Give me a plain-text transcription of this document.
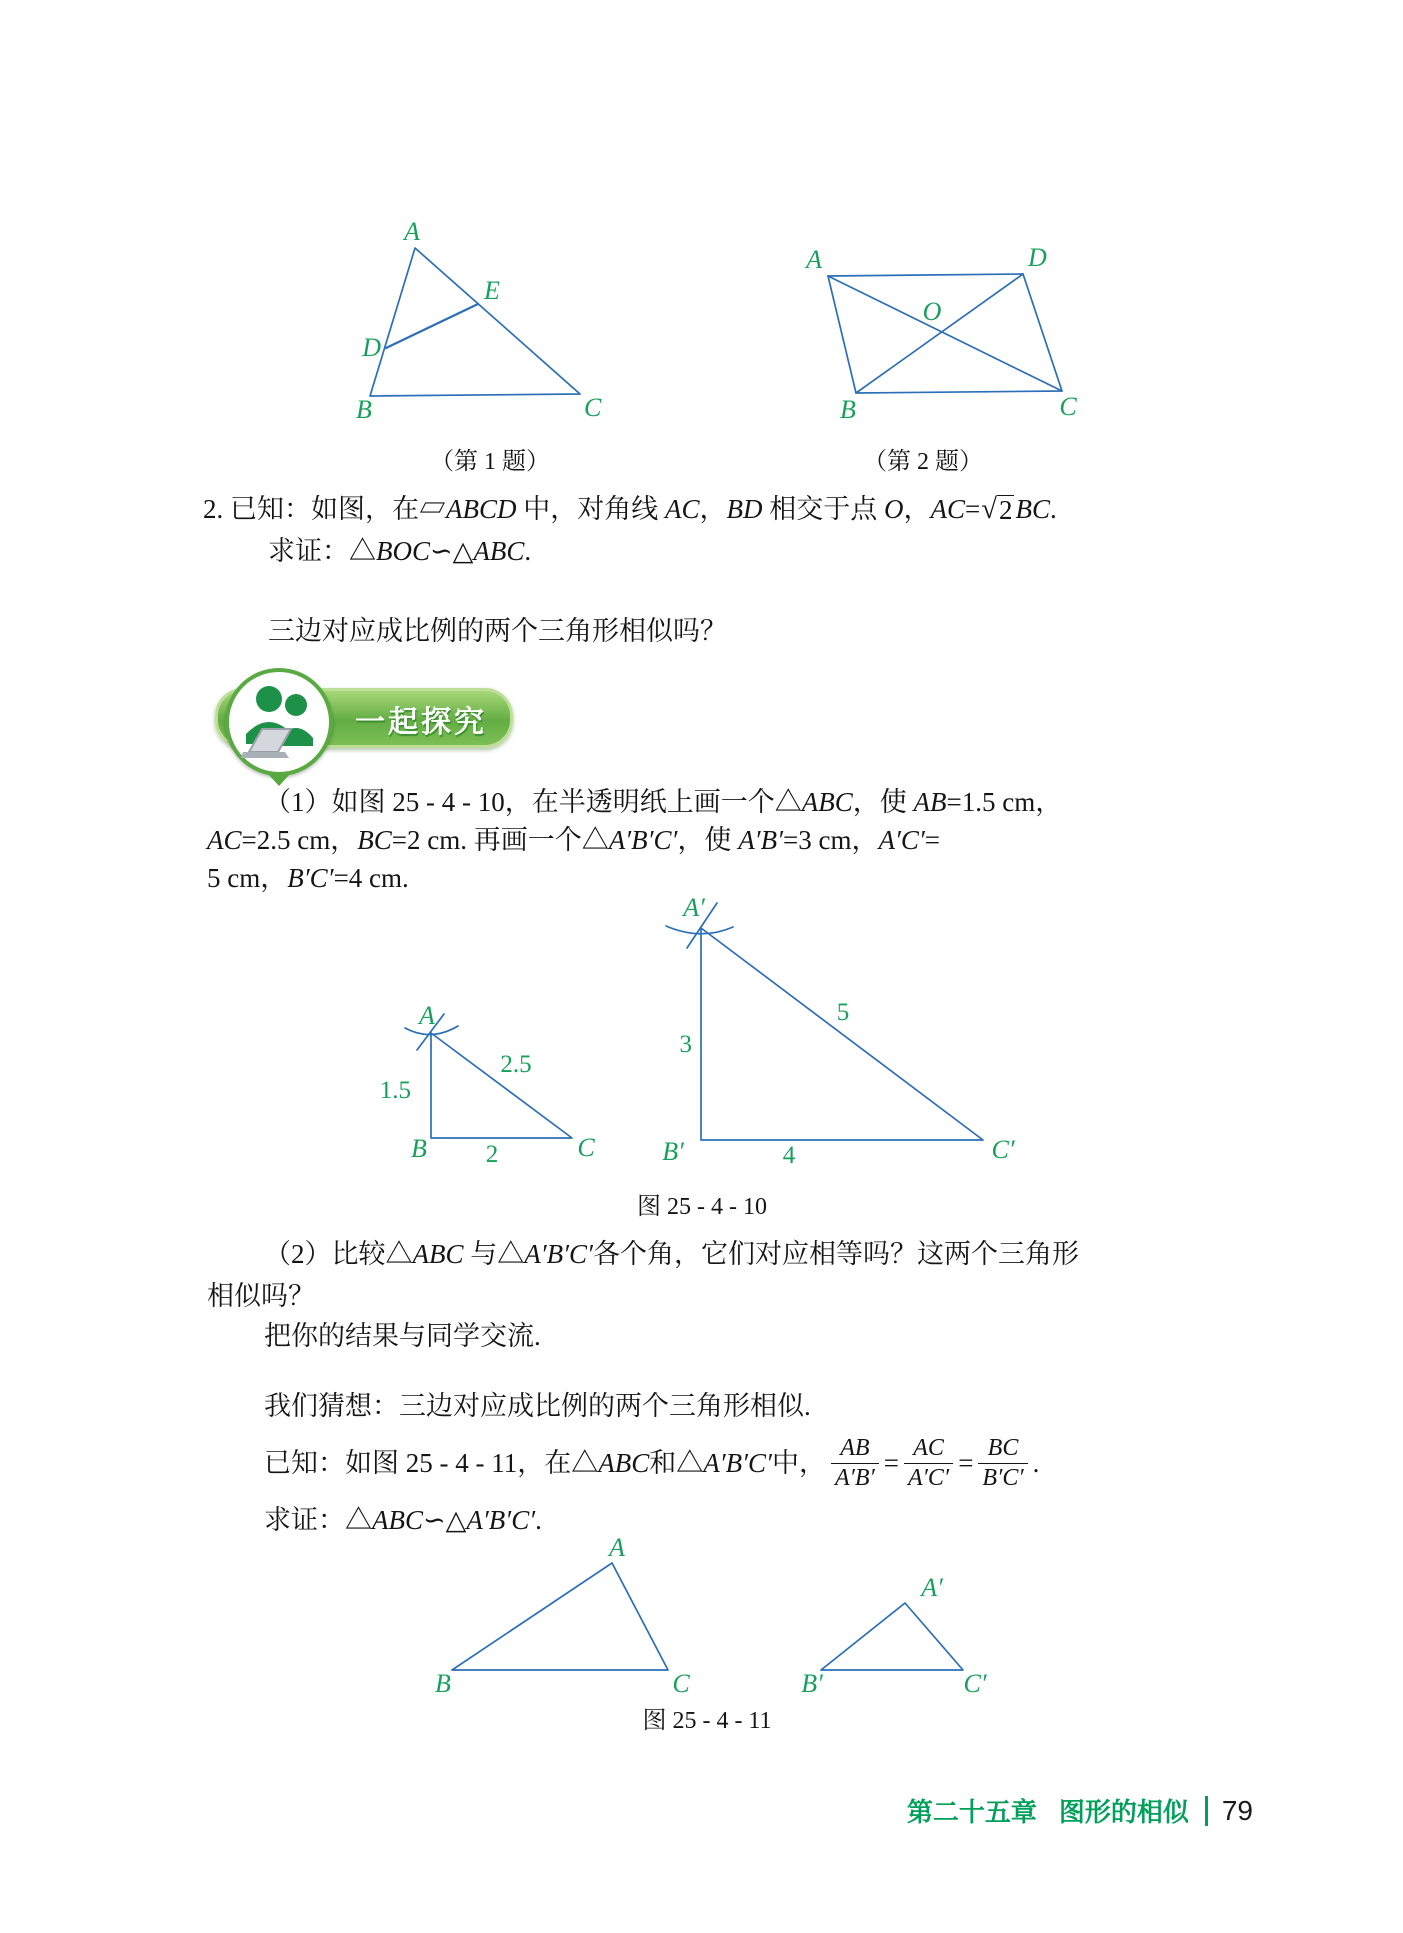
A
E
D
B	C
A	D
O
B	C
（第 1 题）	（第 2 题）
2. 已知：如图，在▱ABCD 中，对角线 AC，BD 相交于点 O，AC= √ 2 BC.
求证：△BOC∽△ABC.
三边对应成比例的两个三角形相似吗？
一起探究
（1）如图 25 - 4 - 10，在半透明纸上画一个△ABC，使 AB=1.5 cm，
AC=2.5 cm，BC=2 cm. 再画一个△A′B′C′，使 A′B′=3 cm，A′C′=
5 cm，B′C′=4 cm.
A
B	C
1.5
2.5
2
A′
B′	C′
3
5
4
图 25 - 4 - 10
（2）比较△ABC 与△A′B′C′各个角，它们对应相等吗？这两个三角形
相似吗？
把你的结果与同学交流.
我们猜想：三边对应成比例的两个三角形相似.
已知：如图 25 - 4 - 11，在△ ABC 和△ A′B′C′ 中， $\frac{AB}{A'B'} = \frac{AC}{A'C'} = \frac{BC}{B'C'}$ .
求证：△ABC∽△A′B′C′.
A
B	C
A′
B′	C′
图 25 - 4 - 11
第二十五章 图形的相似 79
